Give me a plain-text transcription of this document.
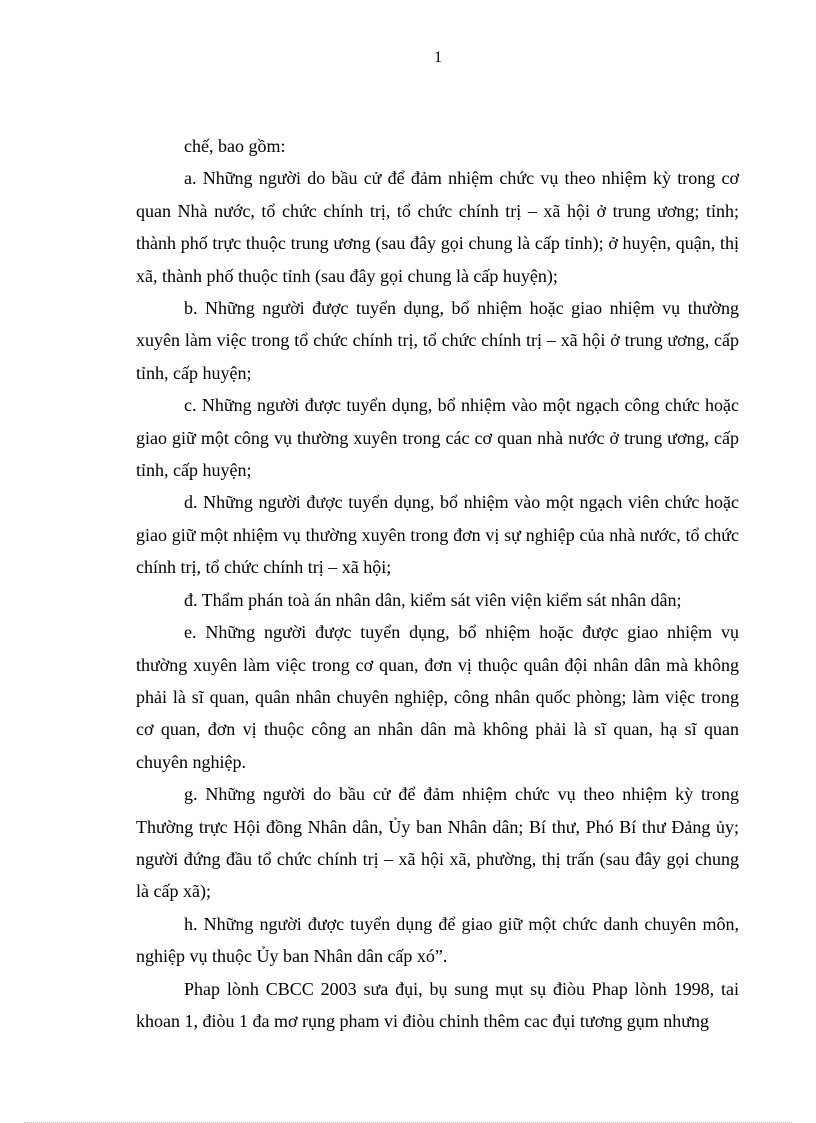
1

chế, bao gồm:

a. Những người do bầu cử để đảm nhiệm chức vụ theo nhiệm kỳ trong cơ quan Nhà nước, tổ chức chính trị, tổ chức chính trị – xã hội ở trung ương; tỉnh; thành phố trực thuộc trung ương (sau đây gọi chung là cấp tỉnh); ở huyện, quận, thị xã, thành phố thuộc tỉnh (sau đây gọi chung là cấp huyện);

b. Những người được tuyển dụng, bổ nhiệm hoặc giao nhiệm vụ thường xuyên làm việc trong tổ chức chính trị, tổ chức chính trị – xã hội ở trung ương, cấp tỉnh, cấp huyện;

c. Những người được tuyển dụng, bổ nhiệm vào một ngạch công chức hoặc giao giữ một công vụ thường xuyên trong các cơ quan nhà nước ở trung ương, cấp tỉnh, cấp huyện;

d. Những người được tuyển dụng, bổ nhiệm vào một ngạch viên chức hoặc giao giữ một nhiệm vụ thường xuyên trong đơn vị sự nghiệp của nhà nước, tổ chức chính trị, tổ chức chính trị – xã hội;

đ. Thẩm phán toà án nhân dân, kiểm sát viên viện kiểm sát nhân dân;

e. Những người được tuyển dụng, bổ nhiệm hoặc được giao nhiệm vụ thường xuyên làm việc trong cơ quan, đơn vị thuộc quân đội nhân dân mà không phải là sĩ quan, quân nhân chuyên nghiệp, công nhân quốc phòng; làm việc trong cơ quan, đơn vị thuộc công an nhân dân mà không phải là sĩ quan, hạ sĩ quan chuyên nghiệp.

g. Những người do bầu cử để đảm nhiệm chức vụ theo nhiệm kỳ trong Thường trực Hội đồng Nhân dân, Ủy ban Nhân dân; Bí thư, Phó Bí thư Đảng ủy; người đứng đầu tổ chức chính trị – xã hội xã, phường, thị trấn (sau đây gọi chung là cấp xã);

h. Những người được tuyển dụng để giao giữ một chức danh chuyên môn, nghiệp vụ thuộc Ủy ban Nhân dân cấp xó”.

Phap lònh CBCC 2003 sưa đụi, bụ sung mụt sụ điòu Phap lònh 1998, tai khoan 1, điòu 1 đa mơ rụng pham vi điòu chinh thêm cac đụi tương gụm nhưng
